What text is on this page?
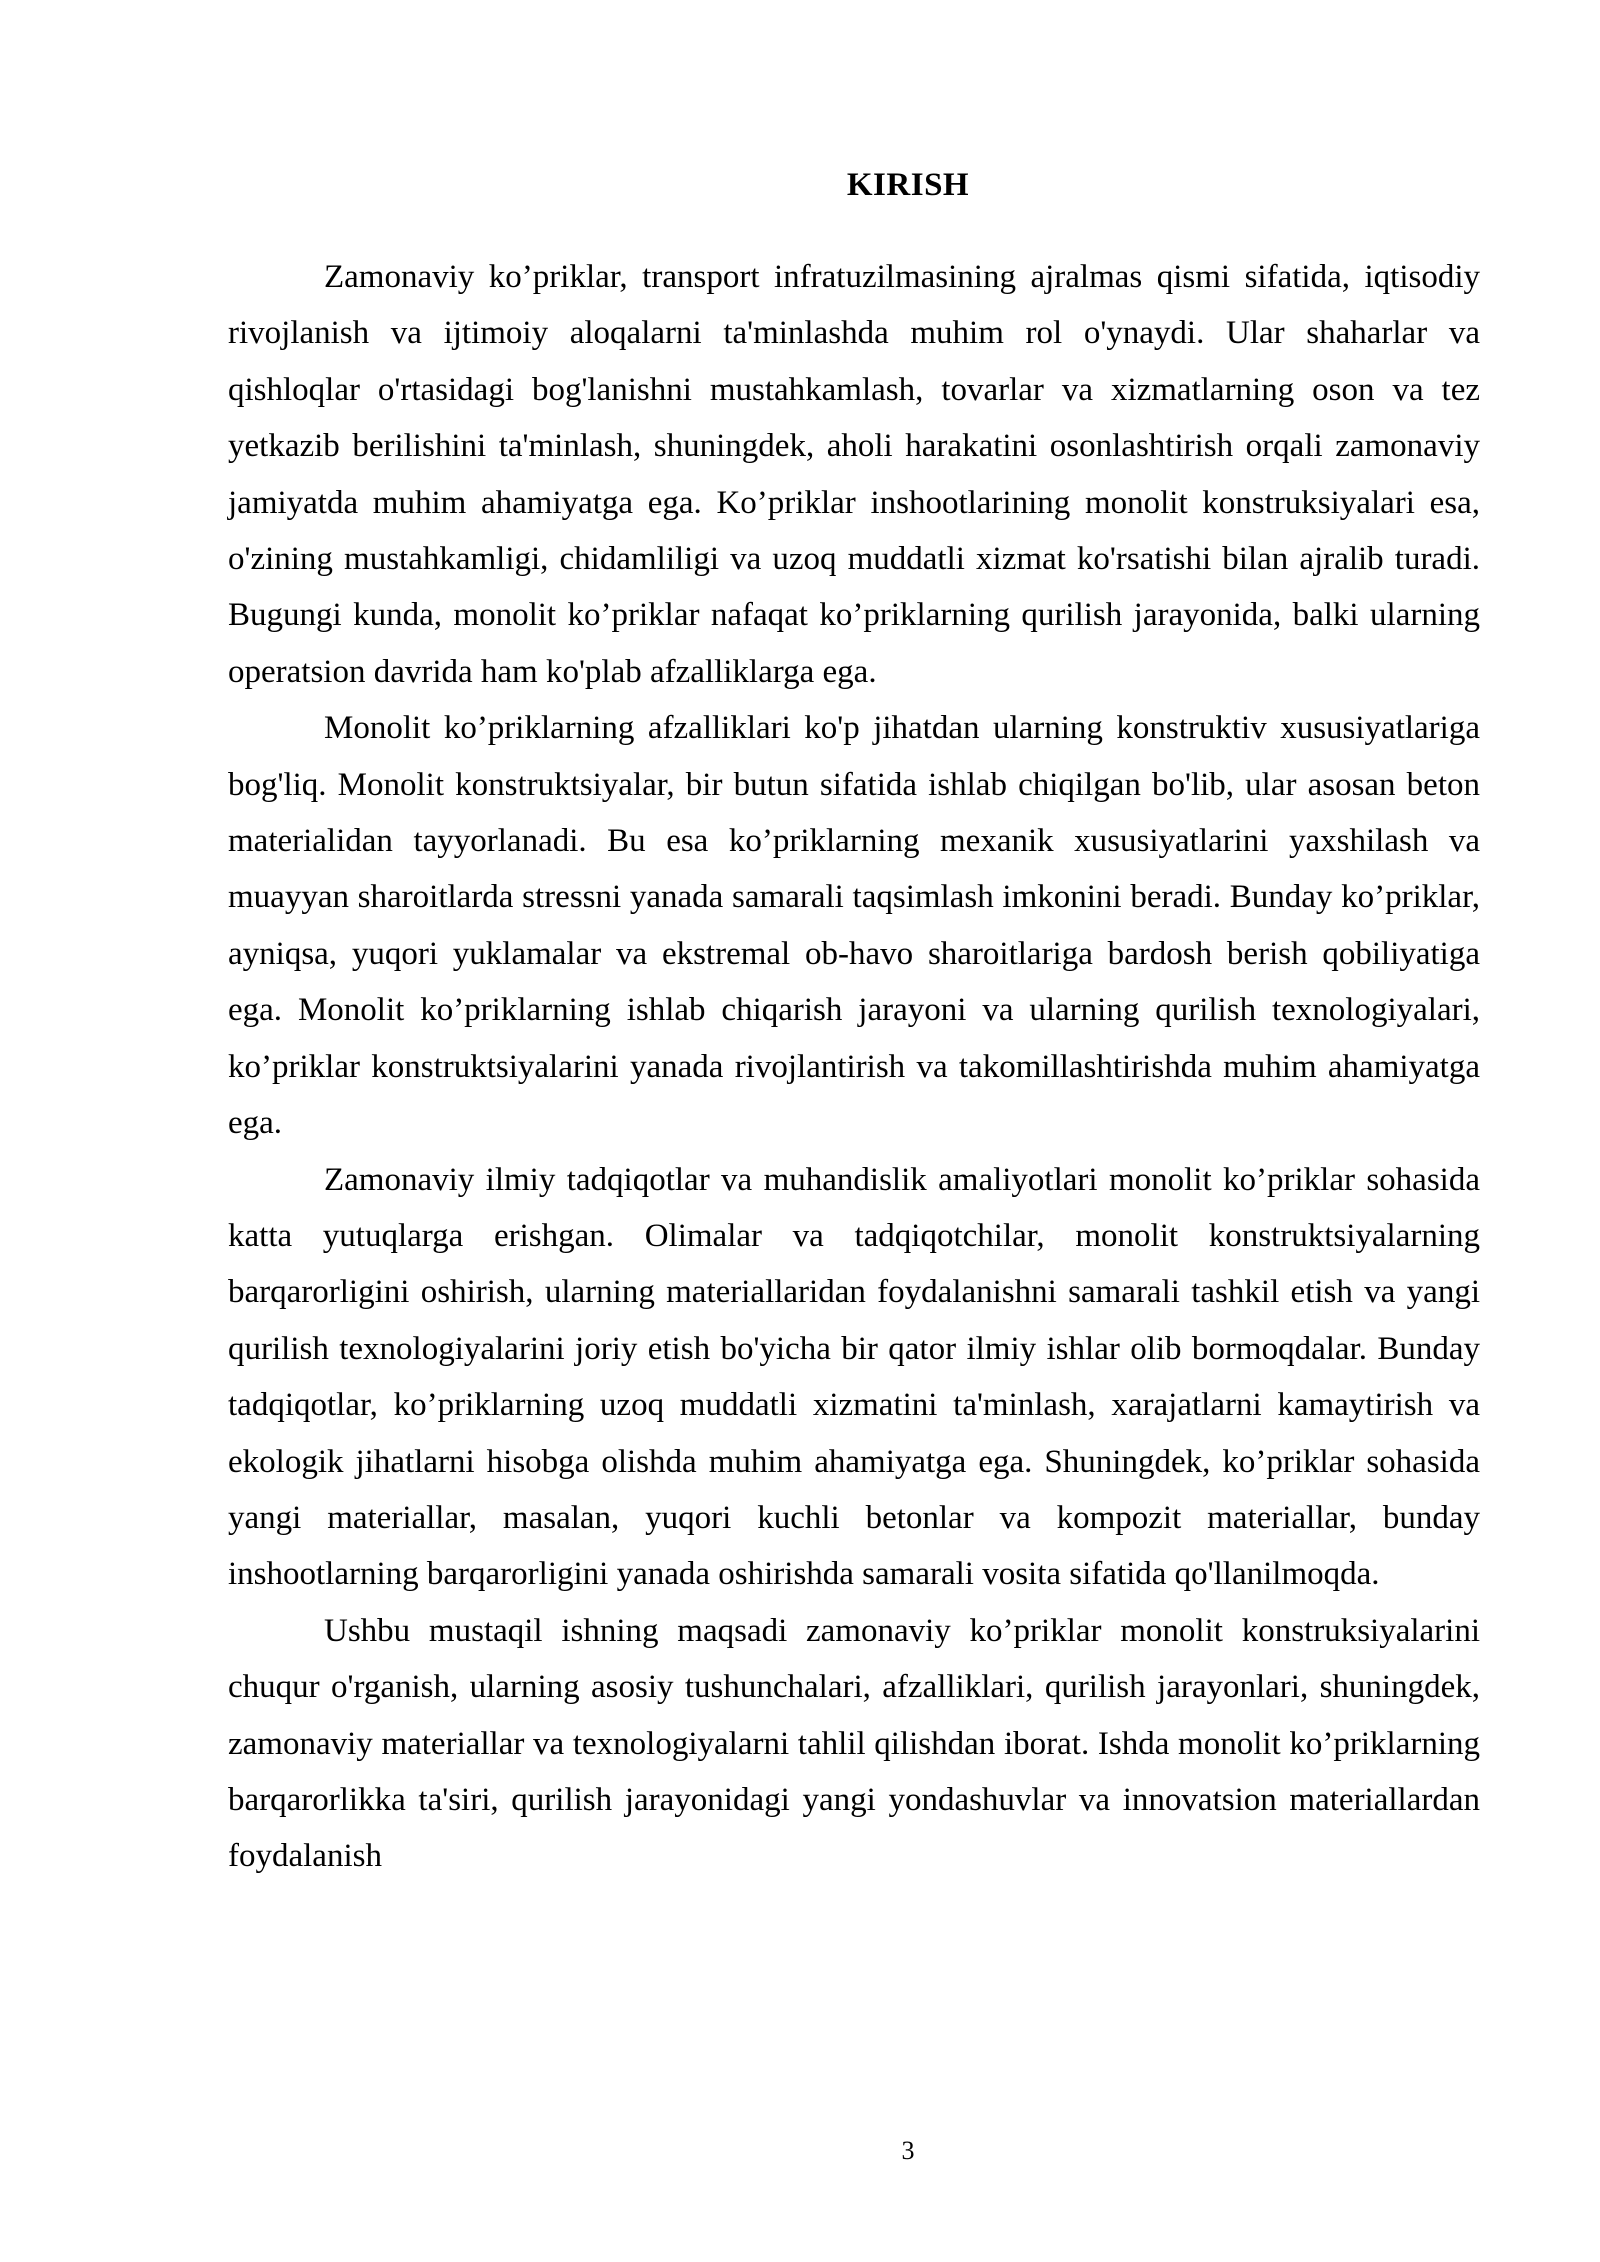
KIRISH

Zamonaviy ko’priklar, transport infratuzilmasining ajralmas qismi sifatida, iqtisodiy rivojlanish va ijtimoiy aloqalarni ta'minlashda muhim rol o'ynaydi. Ular shaharlar va qishloqlar o'rtasidagi bog'lanishni mustahkamlash, tovarlar va xizmatlarning oson va tez yetkazib berilishini ta'minlash, shuningdek, aholi harakatini osonlashtirish orqali zamonaviy jamiyatda muhim ahamiyatga ega. Ko’priklar inshootlarining monolit konstruksiyalari esa, o'zining mustahkamligi, chidamliligi va uzoq muddatli xizmat ko'rsatishi bilan ajralib turadi. Bugungi kunda, monolit ko’priklar nafaqat ko’priklarning qurilish jarayonida, balki ularning operatsion davrida ham ko'plab afzalliklarga ega.

Monolit ko’priklarning afzalliklari ko'p jihatdan ularning konstruktiv xususiyatlariga bog'liq. Monolit konstruktsiyalar, bir butun sifatida ishlab chiqilgan bo'lib, ular asosan beton materialidan tayyorlanadi. Bu esa ko’priklarning mexanik xususiyatlarini yaxshilash va muayyan sharoitlarda stressni yanada samarali taqsimlash imkonini beradi. Bunday ko’priklar, ayniqsa, yuqori yuklamalar va ekstremal ob-havo sharoitlariga bardosh berish qobiliyatiga ega. Monolit ko’priklarning ishlab chiqarish jarayoni va ularning qurilish texnologiyalari, ko’priklar konstruktsiyalarini yanada rivojlantirish va takomillashtirishda muhim ahamiyatga ega.

Zamonaviy ilmiy tadqiqotlar va muhandislik amaliyotlari monolit ko’priklar sohasida katta yutuqlarga erishgan. Olimalar va tadqiqotchilar, monolit konstruktsiyalarning barqarorligini oshirish, ularning materiallaridan foydalanishni samarali tashkil etish va yangi qurilish texnologiyalarini joriy etish bo'yicha bir qator ilmiy ishlar olib bormoqdalar. Bunday tadqiqotlar, ko’priklarning uzoq muddatli xizmatini ta'minlash, xarajatlarni kamaytirish va ekologik jihatlarni hisobga olishda muhim ahamiyatga ega. Shuningdek, ko’priklar sohasida yangi materiallar, masalan, yuqori kuchli betonlar va kompozit materiallar, bunday inshootlarning barqarorligini yanada oshirishda samarali vosita sifatida qo'llanilmoqda.

Ushbu mustaqil ishning maqsadi zamonaviy ko’priklar monolit konstruksiyalarini chuqur o'rganish, ularning asosiy tushunchalari, afzalliklari, qurilish jarayonlari, shuningdek, zamonaviy materiallar va texnologiyalarni tahlil qilishdan iborat. Ishda monolit ko’priklarning barqarorlikka ta'siri, qurilish jarayonidagi yangi yondashuvlar va innovatsion materiallardan foydalanish

3
